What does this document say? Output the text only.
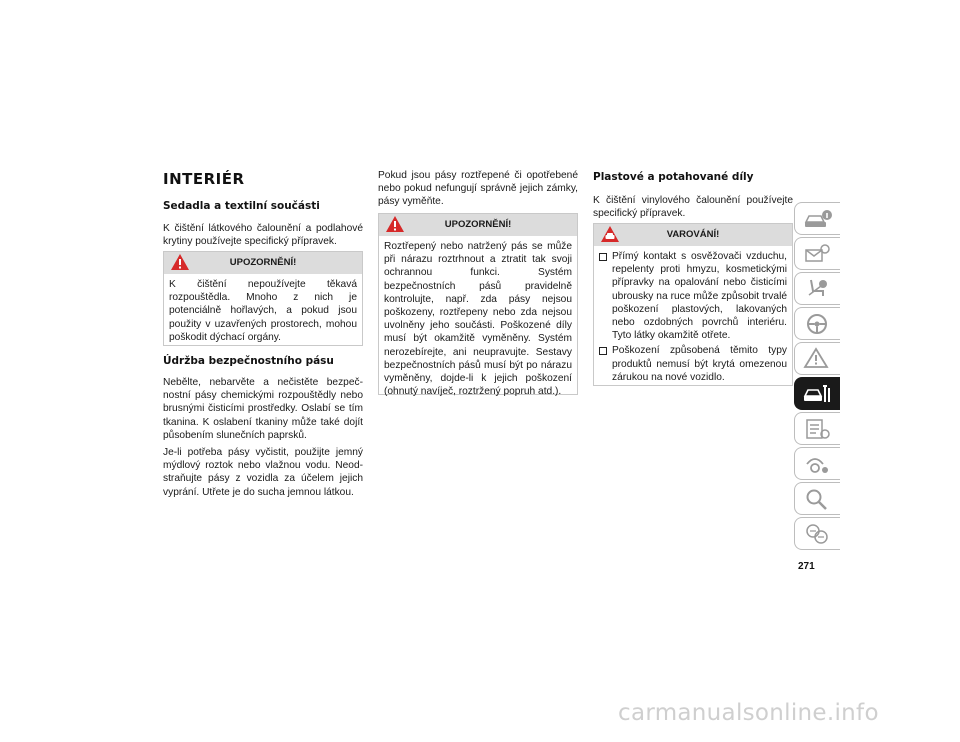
INTERIÉR
Sedadla a textilní součásti

K čištění látkového čalounění a podlahové krytiny používejte specifický přípravek.

UPOZORNĚNÍ!
K čištění nepoužívejte těkavá rozpouštědla. Mnoho z nich je potenciálně hořlavých, a pokud jsou použity v uzavřených prostorech, mohou poškodit dýchací orgány.
Údržba bezpečnostního pásu

Nebělte, nebarvěte a nečistěte bezpeč-nostní pásy chemickými rozpouštědly nebo brusnými čisticími prostředky. Oslabí se tím tkanina. K oslabení tkaniny může také dojít působením slunečních paprsků.

Je-li potřeba pásy vyčistit, použijte jemný mýdlový roztok nebo vlažnou vodu. Neod-straňujte pásy z vozidla za účelem jejich vyprání. Utřete je do sucha jemnou látkou.

Pokud jsou pásy roztřepené či opotřebené nebo pokud nefungují správně jejich zámky, pásy vyměňte.

UPOZORNĚNÍ!
Roztřepený nebo natržený pás se může při nárazu roztrhnout a ztratit tak svoji ochrannou funkci. Systém bezpečnostních pásů pravidelně kontrolujte, např. zda pásy nejsou poškozeny, roztřepeny nebo zda nejsou uvolněny jeho součásti. Poškozené díly musí být okamžitě vyměněny. Systém nerozebírejte, ani neupravujte. Sestavy bezpečnostních pásů musí být po nárazu vyměněny, dojde-li k jejich poškození (ohnutý navíječ, roztržený popruh atd.).
Plastové a potahované díly

K čištění vinylového čalounění používejte specifický přípravek.

VAROVÁNÍ!
Přímý kontakt s osvěžovači vzduchu, repelenty proti hmyzu, kosmetickými přípravky na opalování nebo čisticími ubrousky na ruce může způsobit trvalé poškození plastových, lakovaných nebo ozdobných povrchů interiéru. Tyto látky okamžitě otřete.
Poškození způsobená těmito typy produktů nemusí být krytá omezenou zárukou na nové vozidlo.
271
carmanualsonline.info
